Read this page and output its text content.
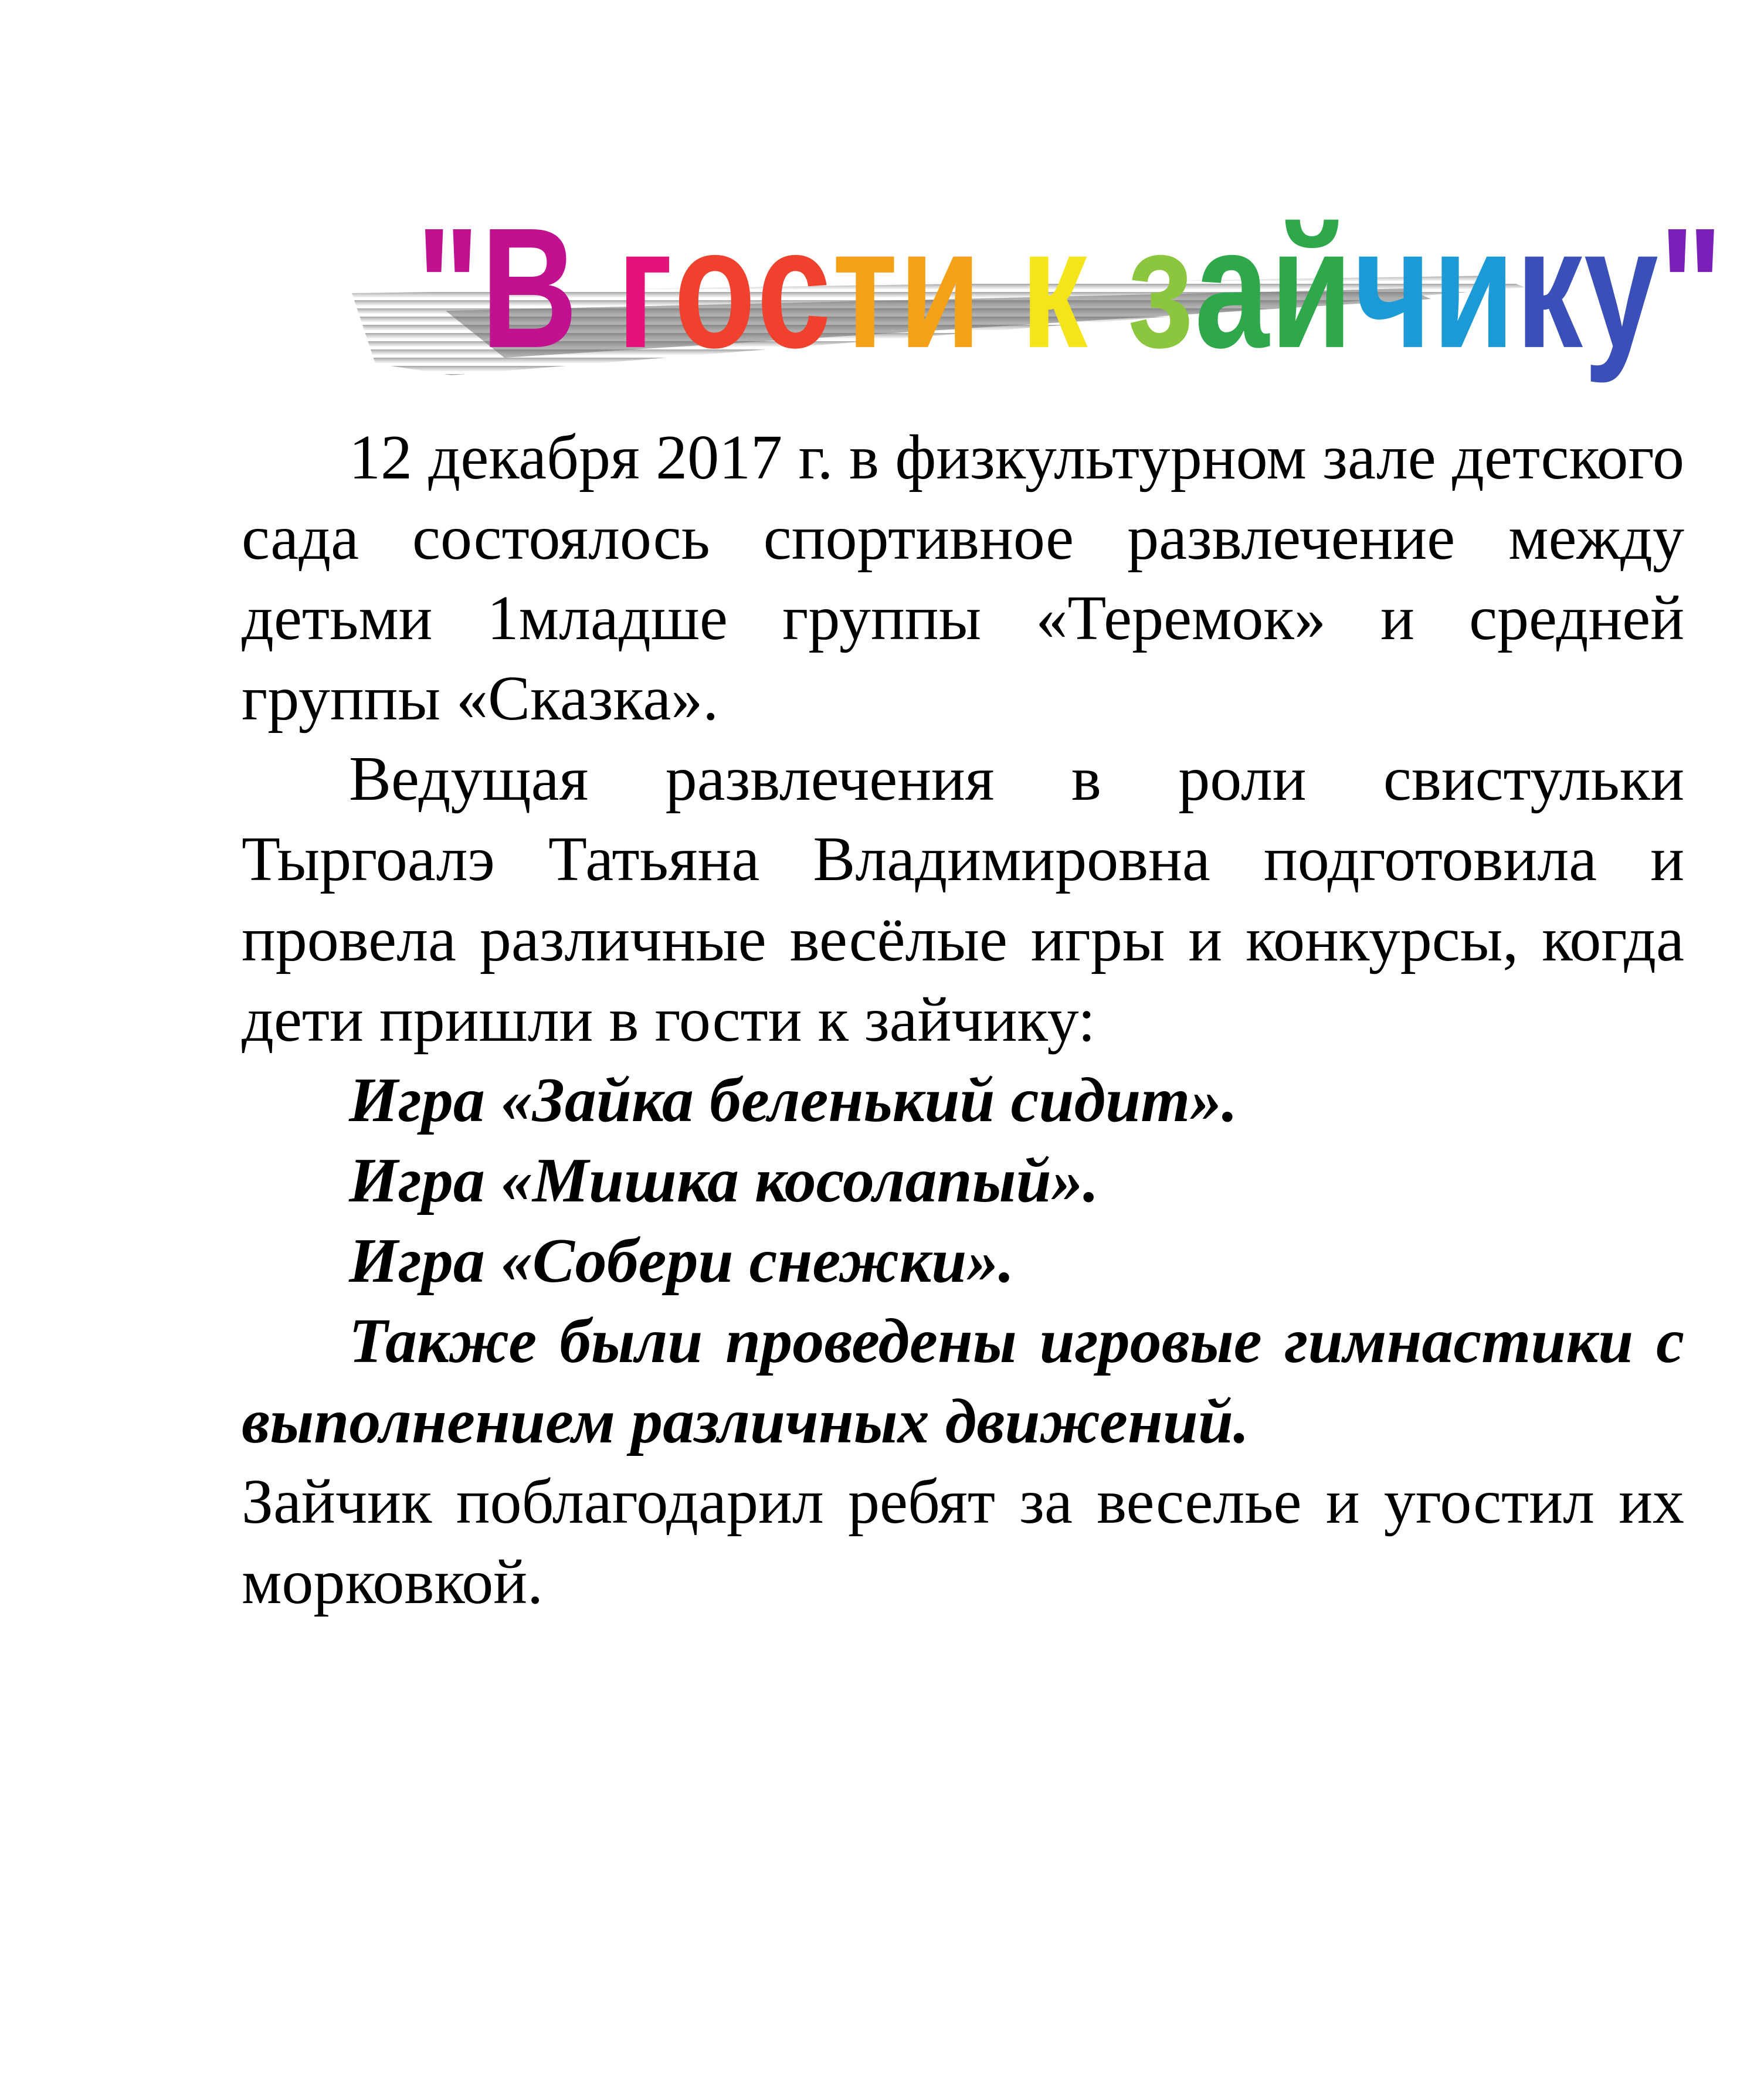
"В гости к зайчику"

12 декабря 2017 г. в физкультурном зале детского сада состоялось спортивное развлечение между детьми 1младше группы «Теремок» и средней группы «Сказка».

Ведущая развлечения в роли свистульки Тыргоалэ Татьяна Владимировна подготовила и провела различные весёлые игры и конкурсы, когда дети пришли в гости к зайчику:

Игра «Зайка беленький сидит».

Игра «Мишка косолапый».

Игра «Собери снежки».

Также были проведены игровые гимнастики с выполнением различных движений.

Зайчик поблагодарил ребят за веселье и угостил их морковкой.
